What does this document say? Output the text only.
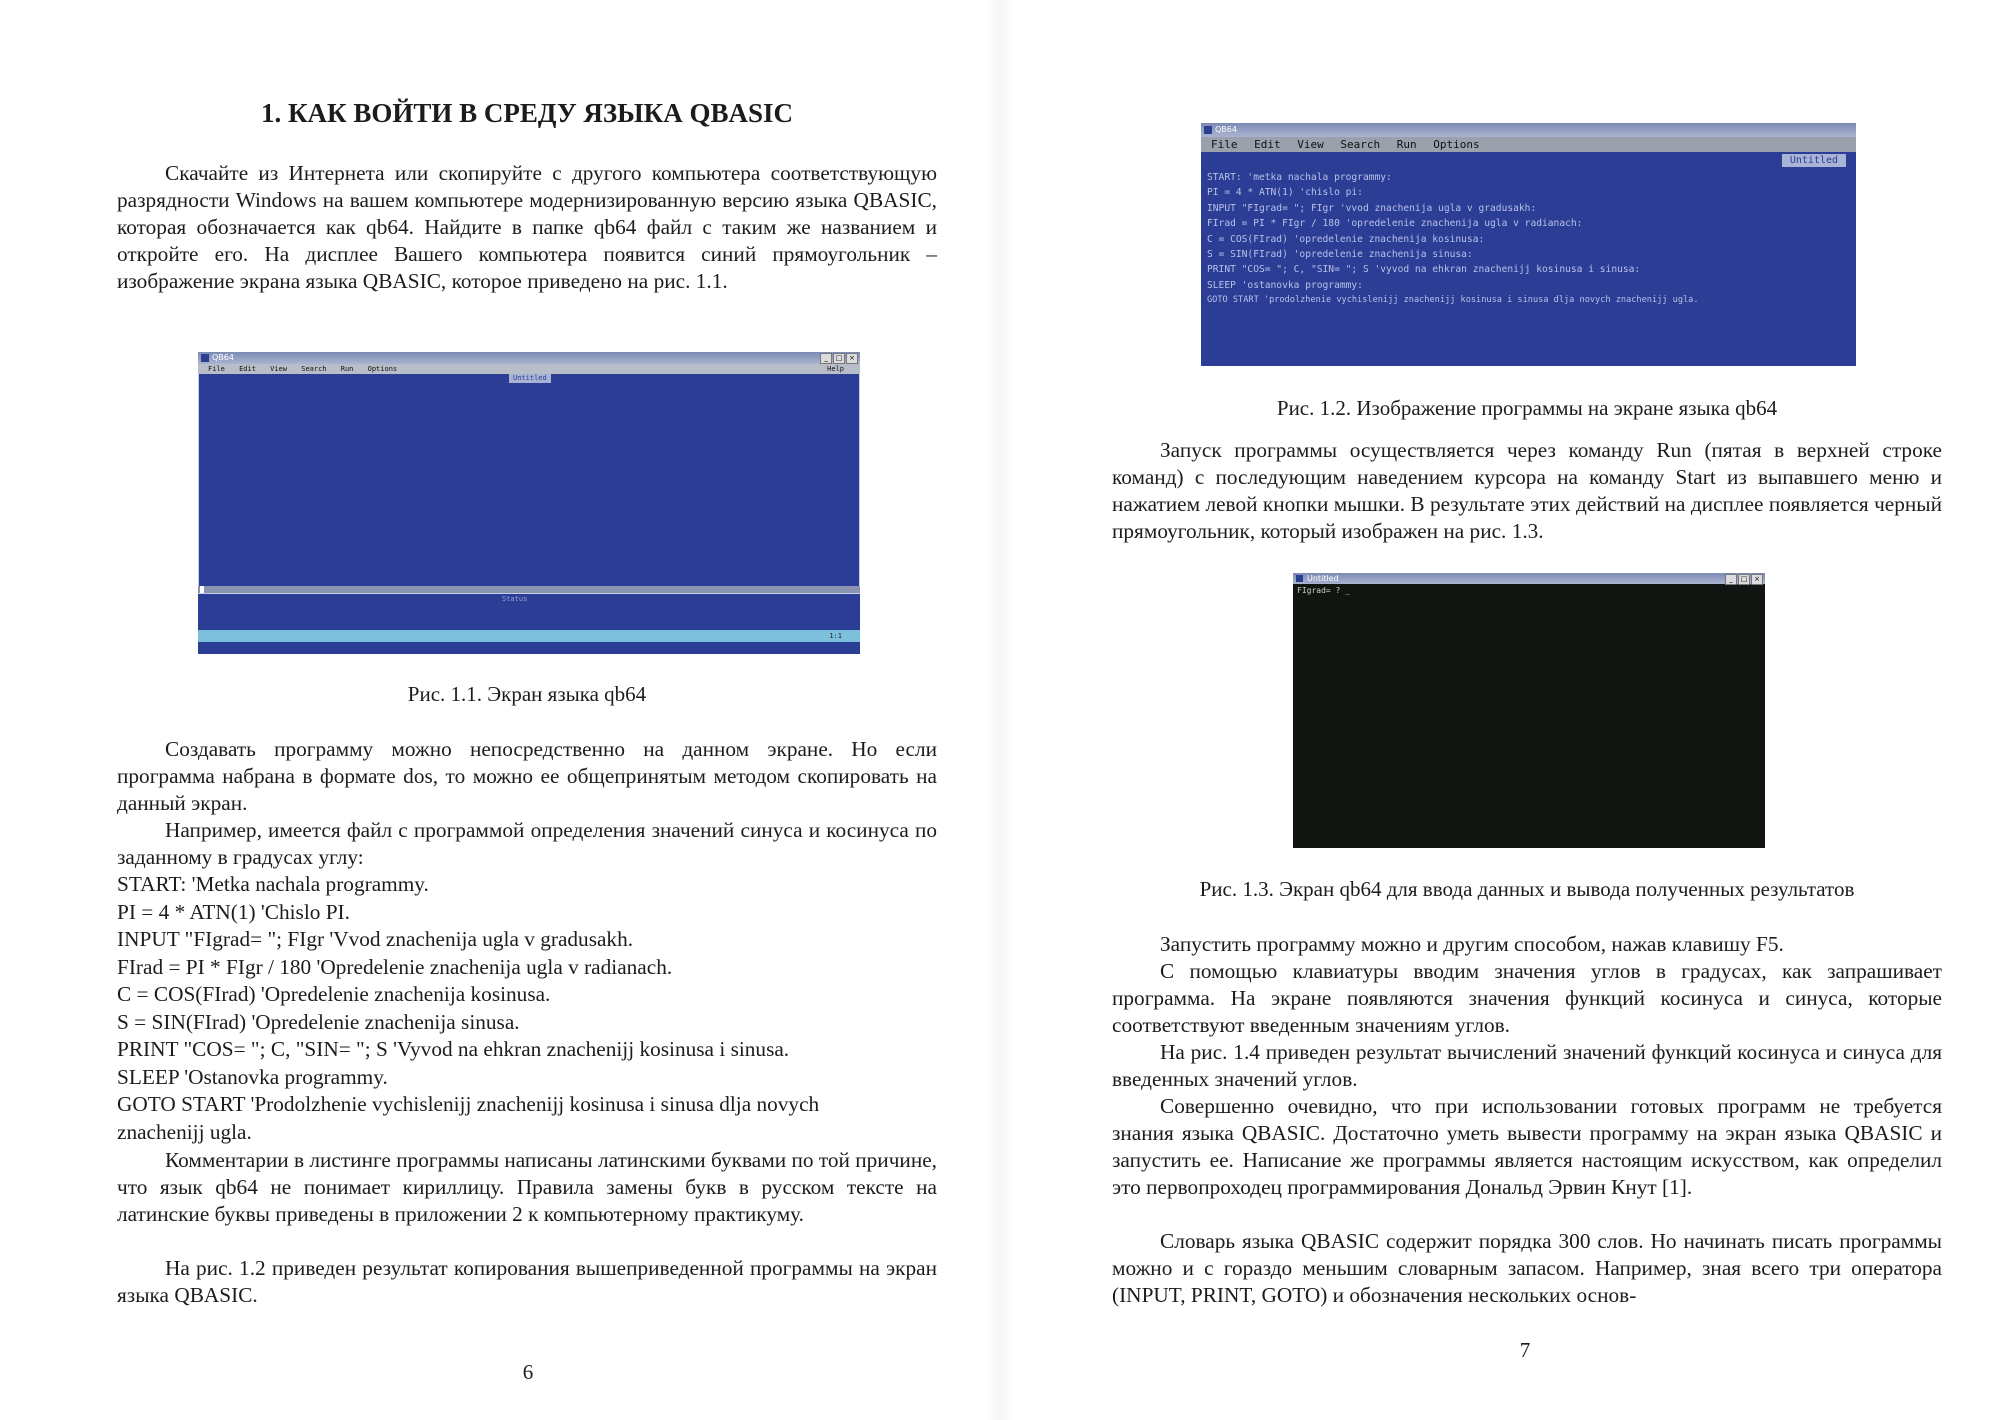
1. КАК ВОЙТИ В СРЕДУ ЯЗЫКА QBASIC

Скачайте из Интернета или скопируйте с другого компьютера соответствующую разрядности Windows на вашем компьютере модернизированную версию языка QBASIC, которая обозначается как qb64. Найдите в папке qb64 файл с таким же названием и откройте его. На дисплее Вашего компьютера появится синий прямоугольник – изображение экрана языка QBASIC, которое приведено на рис. 1.1.

QB64	_	□ ×
File Edit View Search Run Options	Help
Untitled
Status
1:1

Рис. 1.1. Экран языка qb64

Создавать программу можно непосредственно на данном экране. Но если программа набрана в формате dos, то можно ее общепринятым методом скопировать на данный экран.

Например, имеется файл с программой определения значений синуса и косинуса по заданному в градусах углу:

START: 'Metka nachala programmy.
PI = 4 * ATN(1) 'Chislo PI.
INPUT "FIgrad= "; FIgr 'Vvod znachenija ugla v gradusakh.
FIrad = PI * FIgr / 180 'Opredelenie znachenija ugla v radianach.
C = COS(FIrad) 'Opredelenie znachenija kosinusa.
S = SIN(FIrad) 'Opredelenie znachenija sinusa.
PRINT "COS= "; C, "SIN= "; S 'Vyvod na ehkran znachenijj kosinusa i sinusa.
SLEEP 'Ostanovka programmy.
GOTO START 'Prodolzhenie vychislenijj znachenijj kosinusa i sinusa dlja novych
znachenijj ugla.

Комментарии в листинге программы написаны латинскими буквами по той причине, что язык qb64 не понимает кириллицу. Правила замены букв в русском тексте на латинские буквы приведены в приложении 2 к компьютерному практикуму.

На рис. 1.2 приведен результат копирования вышеприведенной программы на экран языка QBASIC.

6

QB64
File Edit View Search Run Options
Untitled
START: 'metka nachala programmy:
PI = 4 * ATN(1) 'chislo pi:
INPUT "FIgrad= "; FIgr 'vvod znachenija ugla v gradusakh:
FIrad = PI * FIgr / 180 'opredelenie znachenija ugla v radianach:
C = COS(FIrad) 'opredelenie znachenija kosinusa:
S = SIN(FIrad) 'opredelenie znachenija sinusa:
PRINT "COS= "; C, "SIN= "; S 'vyvod na ehkran znachenijj kosinusa i sinusa:
SLEEP 'ostanovka programmy:
GOTO START 'prodolzhenie vychislenijj znachenijj kosinusa i sinusa dlja novych znachenijj ugla.

Рис. 1.2. Изображение программы на экране языка qb64

Запуск программы осуществляется через команду Run (пятая в верхней строке команд) с последующим наведением курсора на команду Start из выпавшего меню и нажатием левой кнопки мышки. В результате этих действий на дисплее появляется черный прямоугольник, который изображен на рис. 1.3.

Untitled	_	□ ×
FIgrad= ? _

Рис. 1.3. Экран qb64 для ввода данных и вывода полученных результатов

Запустить программу можно и другим способом, нажав клавишу F5.

С помощью клавиатуры вводим значения углов в градусах, как запрашивает программа. На экране появляются значения функций косинуса и синуса, которые соответствуют введенным значениям углов.

На рис. 1.4 приведен результат вычислений значений функций косинуса и синуса для введенных значений углов.

Совершенно очевидно, что при использовании готовых программ не требуется знания языка QBASIC. Достаточно уметь вывести программу на экран языка QBASIC и запустить ее. Написание же программы является настоящим искусством, как определил это первопроходец программирования Дональд Эрвин Кнут [1].

Словарь языка QBASIC содержит порядка 300 слов. Но начинать писать программы можно и с гораздо меньшим словарным запасом. Например, зная всего три оператора (INPUT, PRINT, GOTO) и обозначения нескольких основ-

7
